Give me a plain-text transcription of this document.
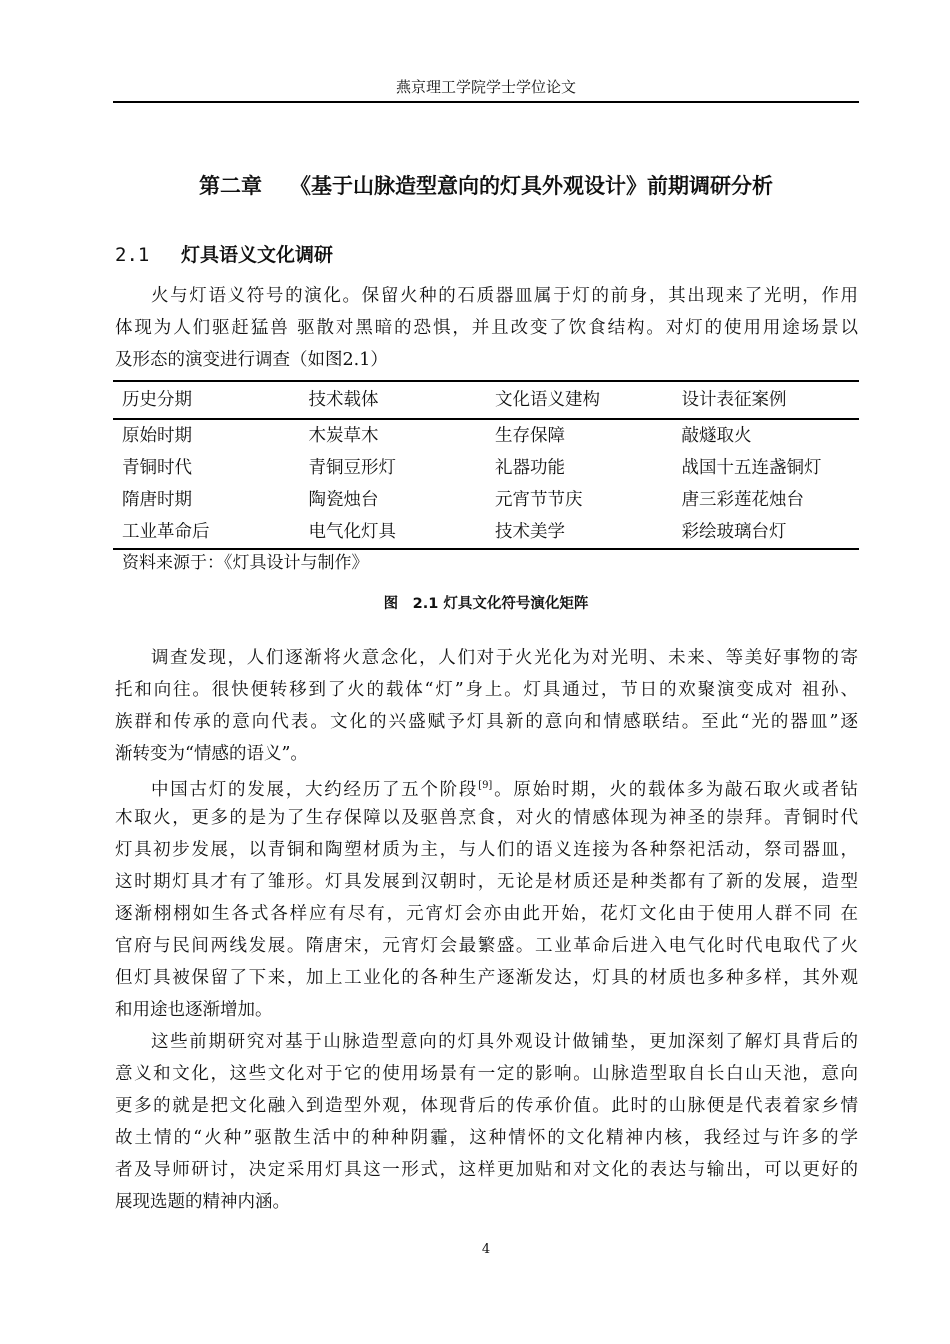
燕京理工学院学士学位论文
第二章 《基于山脉造型意向的灯具外观设计》前期调研分析
2.1 灯具语义文化调研
火与灯语义符号的演化。保留火种的石质器皿属于灯的前身，其出现来了光明，作用
体现为人们驱赶猛兽 驱散对黑暗的恐惧，并且改变了饮食结构。对灯的使用用途场景以
及形态的演变进行调查（如图2.1）
历史分期	技术载体	文化语义建构	设计表征案例
原始时期	木炭草木	生存保障	敲燧取火
青铜时代	青铜豆形灯	礼器功能	战国十五连盏铜灯
隋唐时期	陶瓷烛台	元宵节节庆	唐三彩莲花烛台
工业革命后	电气化灯具	技术美学	彩绘玻璃台灯
资料来源于：《灯具设计与制作》
图　2.1 灯具文化符号演化矩阵
调查发现，人们逐渐将火意念化，人们对于火光化为对光明、未来、等美好事物的寄
托和向往。很快便转移到了火的载体“灯”身上。灯具通过，节日的欢聚演变成对 祖孙、
族群和传承的意向代表。文化的兴盛赋予灯具新的意向和情感联结。至此“光的器皿”逐
渐转变为“情感的语义”。
中国古灯的发展，大约经历了五个阶段[9]。原始时期，火的载体多为敲石取火或者钻
木取火，更多的是为了生存保障以及驱兽烹食，对火的情感体现为神圣的崇拜。青铜时代
灯具初步发展，以青铜和陶塑材质为主，与人们的语义连接为各种祭祀活动，祭司器皿，
这时期灯具才有了雏形。灯具发展到汉朝时，无论是材质还是种类都有了新的发展，造型
逐渐栩栩如生各式各样应有尽有，元宵灯会亦由此开始，花灯文化由于使用人群不同 在
官府与民间两线发展。隋唐宋，元宵灯会最繁盛。工业革命后进入电气化时代电取代了火
但灯具被保留了下来，加上工业化的各种生产逐渐发达，灯具的材质也多种多样，其外观
和用途也逐渐增加。
这些前期研究对基于山脉造型意向的灯具外观设计做铺垫，更加深刻了解灯具背后的
意义和文化，这些文化对于它的使用场景有一定的影响。山脉造型取自长白山天池，意向
更多的就是把文化融入到造型外观，体现背后的传承价值。此时的山脉便是代表着家乡情
故土情的“火种”驱散生活中的种种阴霾，这种情怀的文化精神内核，我经过与许多的学
者及导师研讨，决定采用灯具这一形式，这样更加贴和对文化的表达与输出，可以更好的
展现选题的精神内涵。
4
